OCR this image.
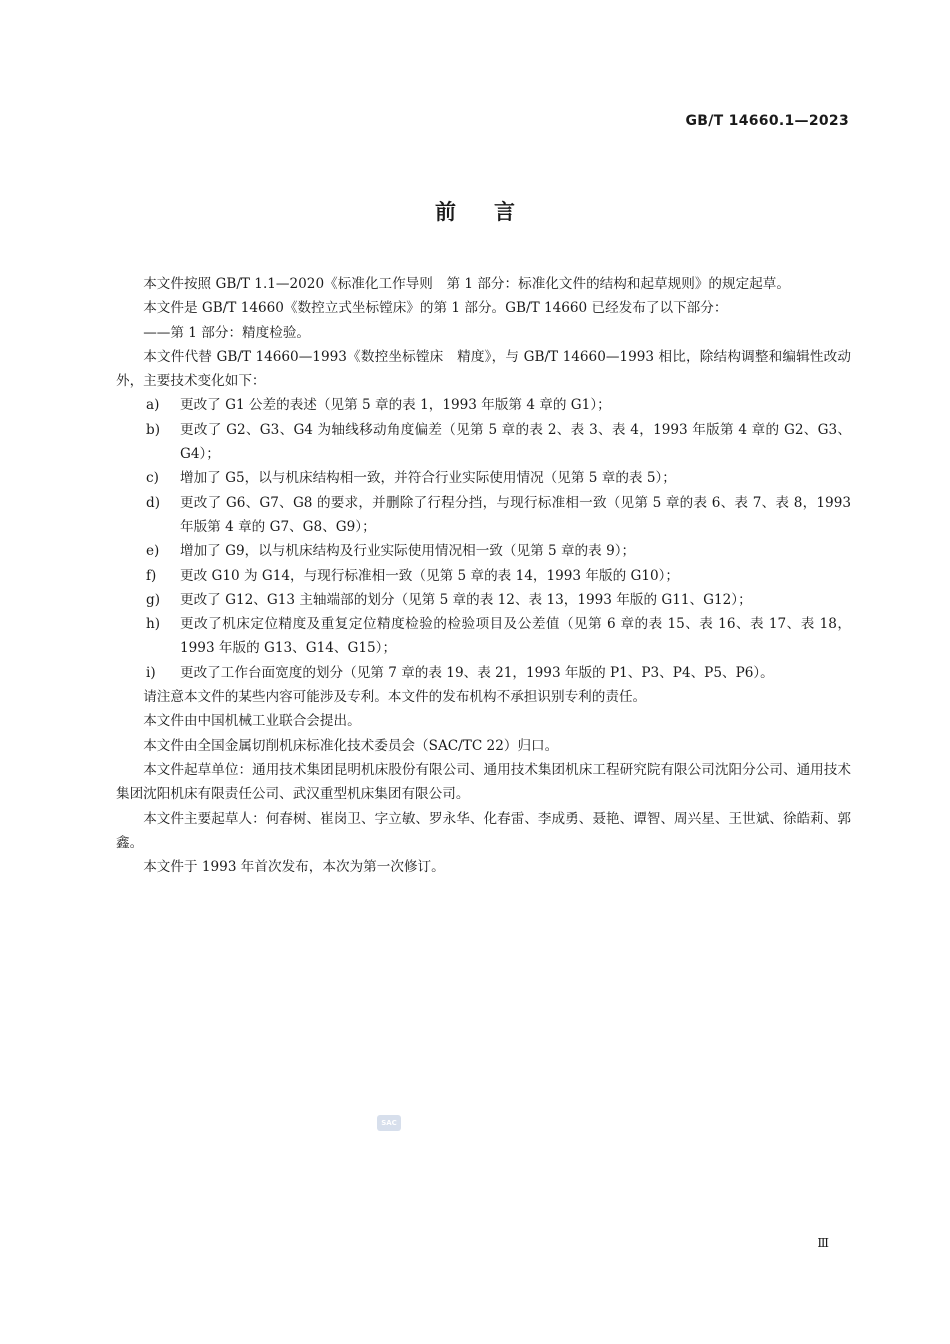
GB/T 14660.1—2023
前言

本文件按照 GB/T 1.1—2020《标准化工作导则　第 1 部分：标准化文件的结构和起草规则》的规定起草。

本文件是 GB/T 14660《数控立式坐标镗床》的第 1 部分。GB/T 14660 已经发布了以下部分：

——第 1 部分：精度检验。

本文件代替 GB/T 14660—1993《数控坐标镗床　精度》，与 GB/T 14660—1993 相比，除结构调整和编辑性改动外，主要技术变化如下：

a) 更改了 G1 公差的表述（见第 5 章的表 1，1993 年版第 4 章的 G1）；

b) 更改了 G2、G3、G4 为轴线移动角度偏差（见第 5 章的表 2、表 3、表 4，1993 年版第 4 章的 G2、G3、G4）；

c) 增加了 G5，以与机床结构相一致，并符合行业实际使用情况（见第 5 章的表 5）；

d) 更改了 G6、G7、G8 的要求，并删除了行程分挡，与现行标准相一致（见第 5 章的表 6、表 7、表 8，1993 年版第 4 章的 G7、G8、G9）；

e) 增加了 G9，以与机床结构及行业实际使用情况相一致（见第 5 章的表 9）；

f) 更改 G10 为 G14，与现行标准相一致（见第 5 章的表 14，1993 年版的 G10）；

g) 更改了 G12、G13 主轴端部的划分（见第 5 章的表 12、表 13，1993 年版的 G11、G12）；

h) 更改了机床定位精度及重复定位精度检验的检验项目及公差值（见第 6 章的表 15、表 16、表 17、表 18，1993 年版的 G13、G14、G15）；

i) 更改了工作台面宽度的划分（见第 7 章的表 19、表 21，1993 年版的 P1、P3、P4、P5、P6）。

请注意本文件的某些内容可能涉及专利。本文件的发布机构不承担识别专利的责任。

本文件由中国机械工业联合会提出。

本文件由全国金属切削机床标准化技术委员会（SAC/TC 22）归口。

本文件起草单位：通用技术集团昆明机床股份有限公司、通用技术集团机床工程研究院有限公司沈阳分公司、通用技术集团沈阳机床有限责任公司、武汉重型机床集团有限公司。

本文件主要起草人：何春树、崔岗卫、字立敏、罗永华、化春雷、李成勇、聂艳、谭智、周兴星、王世斌、徐皓莉、郭鑫。

本文件于 1993 年首次发布，本次为第一次修订。

SAC
Ⅲ
